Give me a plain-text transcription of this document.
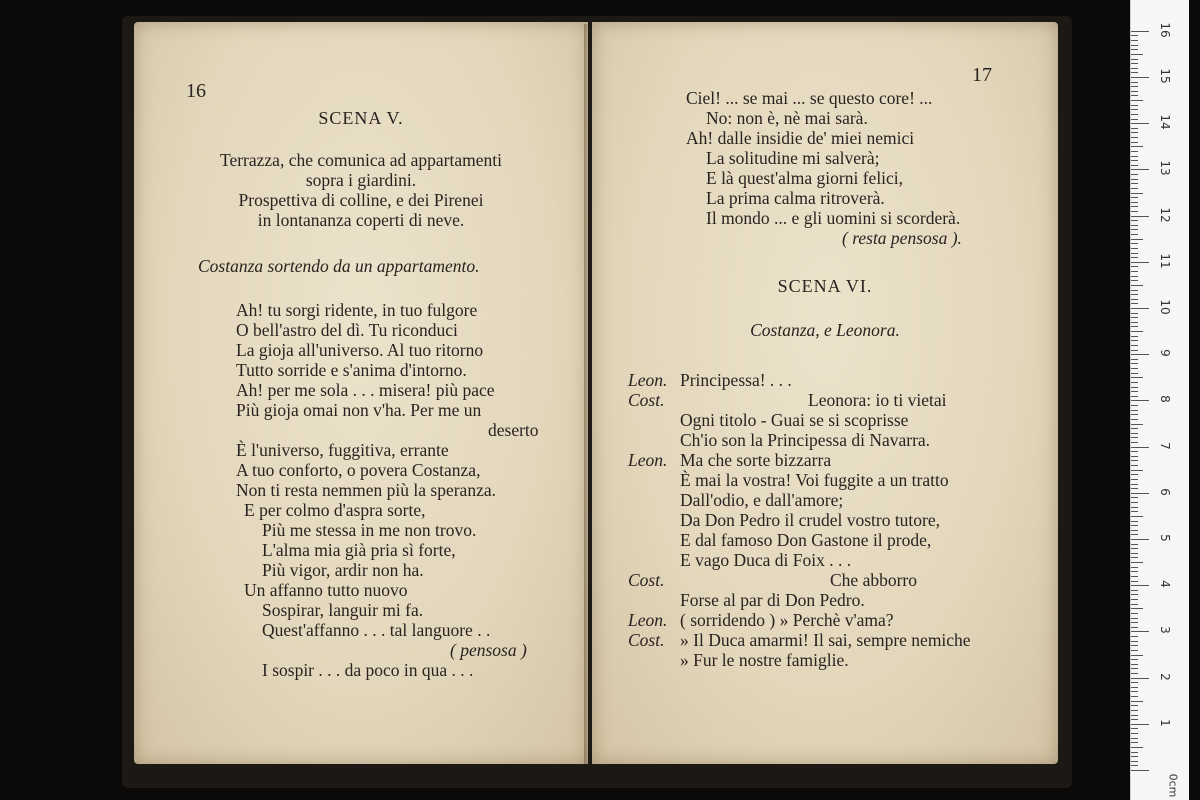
16
SCENA V.
Terrazza, che comunica ad appartamenti
sopra i giardini.
Prospettiva di colline, e dei Pirenei
in lontananza coperti di neve.
Costanza sortendo da un appartamento.
Ah! tu sorgi ridente, in tuo fulgore
O bell'astro del dì. Tu riconduci
La gioja all'universo. Al tuo ritorno
Tutto sorride e s'anima d'intorno.
Ah! per me sola . . . misera! più pace
Più gioja omai non v'ha. Per me un
deserto
È l'universo, fuggitiva, errante
A tuo conforto, o povera Costanza,
Non ti resta nemmen più la speranza.
E per colmo d'aspra sorte,
Più me stessa in me non trovo.
L'alma mia già pria sì forte,
Più vigor, ardir non ha.
Un affanno tutto nuovo
Sospirar, languir mi fa.
Quest'affanno . . . tal languore . .
( pensosa )
I sospir . . . da poco in qua . . .
17
Ciel! ... se mai ... se questo core! ...
No: non è, nè mai sarà.
Ah! dalle insidie de' miei nemici
La solitudine mi salverà;
E là quest'alma giorni felici,
La prima calma ritroverà.
Il mondo ... e gli uomini si scorderà.
( resta pensosa ).
SCENA VI.
Costanza, e Leonora.
Leon. Principessa! . . .
Cost.	Leonora: io ti vietai
Ogni titolo - Guai se si scoprisse
Ch'io son la Principessa di Navarra.
Leon. Ma che sorte bizzarra
È mai la vostra! Voi fuggite a un tratto
Dall'odio, e dall'amore;
Da Don Pedro il crudel vostro tutore,
E dal famoso Don Gastone il prode,
E vago Duca di Foix . . .
Cost.	Che abborro
Forse al par di Don Pedro.
Leon. ( sorridendo ) » Perchè v'ama?
Cost. » Il Duca amarmi! Il sai, sempre nemiche
» Fur le nostre famiglie.
0cm
1
2
3
4
5
6
7
8
9
10
11
12
13
14
15
16
